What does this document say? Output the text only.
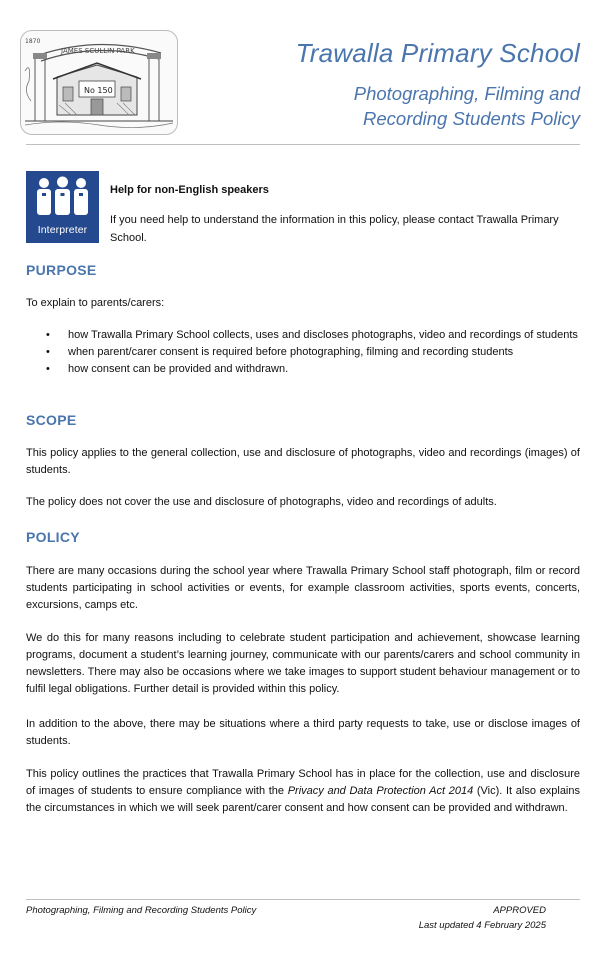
JAMES SCULLIN PARK
1870
No 150
Trawalla Primary School
Photographing, Filming and
Recording Students Policy
Interpreter
Help for non-English speakers
If you need help to understand the information in this policy, please contact Trawalla Primary School.
PURPOSE
To explain to parents/carers:
• how Trawalla Primary School collects, uses and discloses photographs, video and recordings of students
• when parent/carer consent is required before photographing, filming and recording students
• how consent can be provided and withdrawn.
SCOPE
This policy applies to the general collection, use and disclosure of photographs, video and recordings (images) of students.
The policy does not cover the use and disclosure of photographs, video and recordings of adults.
POLICY
There are many occasions during the school year where Trawalla Primary School staff photograph, film or record students participating in school activities or events, for example classroom activities, sports events, concerts, excursions, camps etc.
We do this for many reasons including to celebrate student participation and achievement, showcase learning programs, document a student’s learning journey, communicate with our parents/carers and school community in newsletters. There may also be occasions where we take images to support student behaviour management or to fulfil legal obligations. Further detail is provided within this policy.
In addition to the above, there may be situations where a third party requests to take, use or disclose images of students.
This policy outlines the practices that Trawalla Primary School has in place for the collection, use and disclosure of images of students to ensure compliance with the Privacy and Data Protection Act 2014 (Vic). It also explains the circumstances in which we will seek parent/carer consent and how consent can be provided and withdrawn.
Photographing, Filming and Recording Students Policy	APPROVED
Last updated 4 February 2025
